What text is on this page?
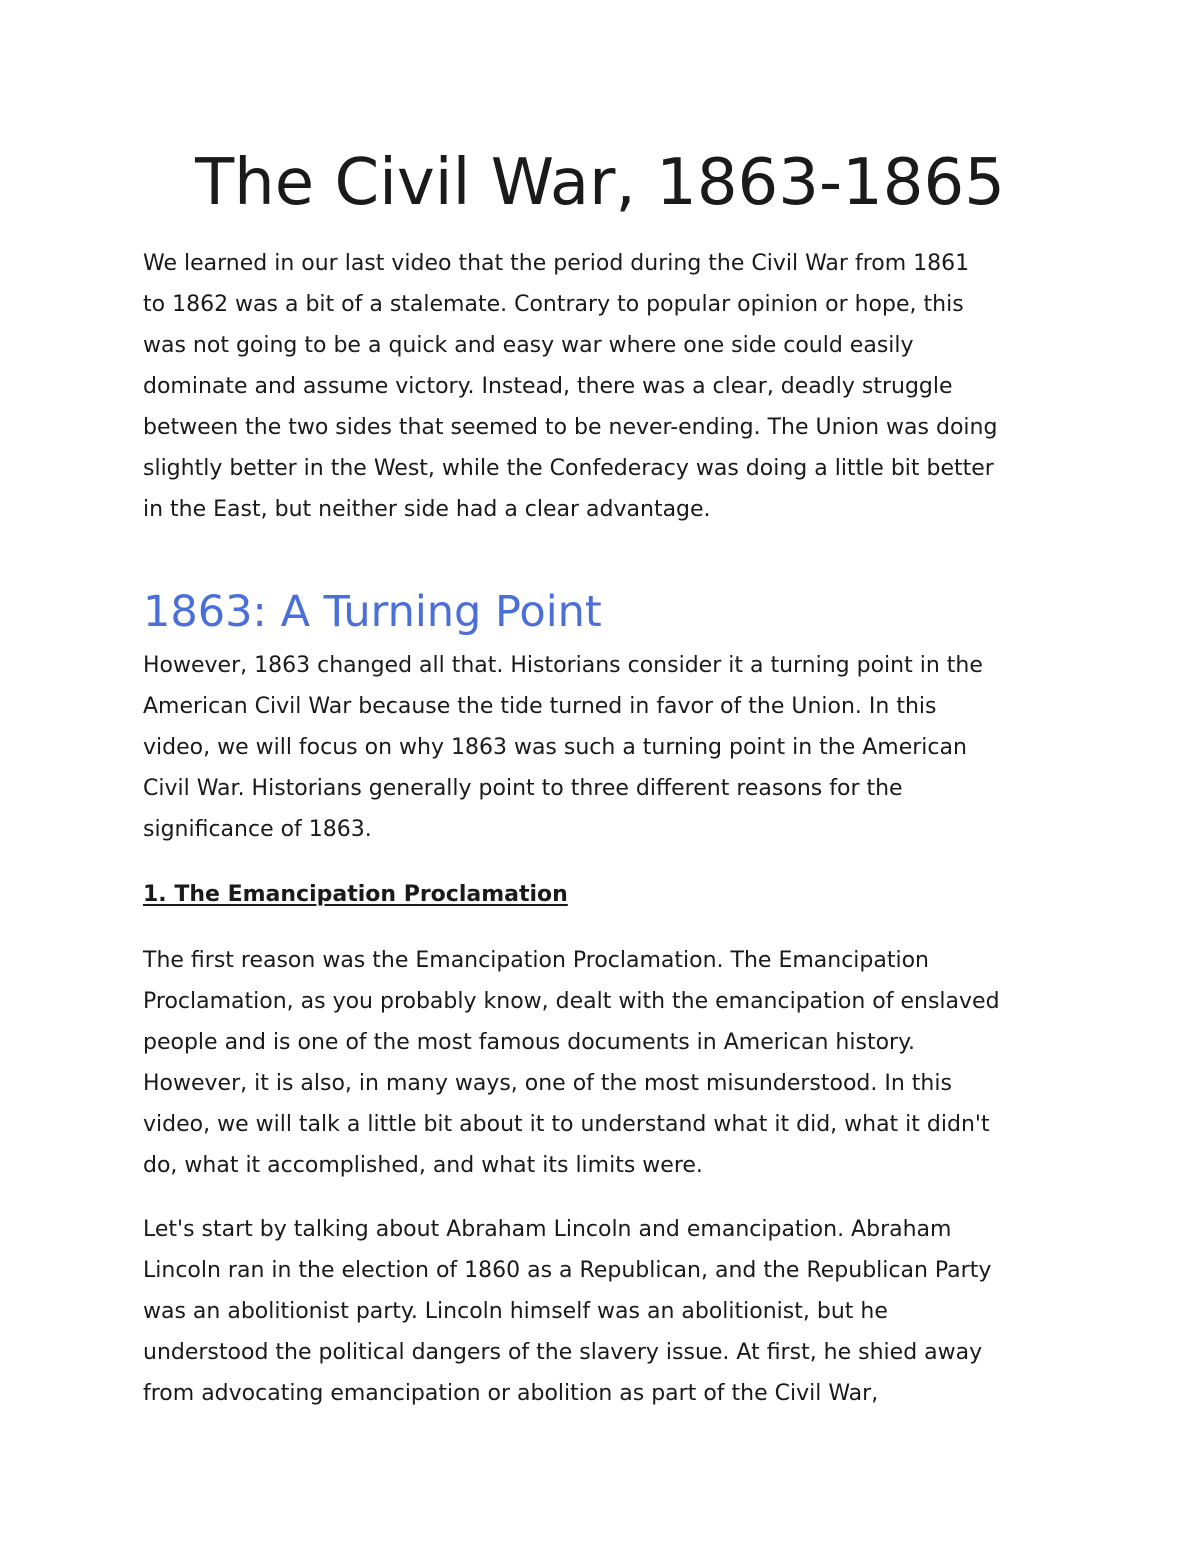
The Civil War, 1863-1865

We learned in our last video that the period during the Civil War from 1861
to 1862 was a bit of a stalemate. Contrary to popular opinion or hope, this
was not going to be a quick and easy war where one side could easily
dominate and assume victory. Instead, there was a clear, deadly struggle
between the two sides that seemed to be never-ending. The Union was doing
slightly better in the West, while the Confederacy was doing a little bit better
in the East, but neither side had a clear advantage.

1863: A Turning Point

However, 1863 changed all that. Historians consider it a turning point in the
American Civil War because the tide turned in favor of the Union. In this
video, we will focus on why 1863 was such a turning point in the American
Civil War. Historians generally point to three different reasons for the
significance of 1863.

1. The Emancipation Proclamation

The first reason was the Emancipation Proclamation. The Emancipation
Proclamation, as you probably know, dealt with the emancipation of enslaved
people and is one of the most famous documents in American history.
However, it is also, in many ways, one of the most misunderstood. In this
video, we will talk a little bit about it to understand what it did, what it didn't
do, what it accomplished, and what its limits were.

Let's start by talking about Abraham Lincoln and emancipation. Abraham
Lincoln ran in the election of 1860 as a Republican, and the Republican Party
was an abolitionist party. Lincoln himself was an abolitionist, but he
understood the political dangers of the slavery issue. At first, he shied away
from advocating emancipation or abolition as part of the Civil War,
